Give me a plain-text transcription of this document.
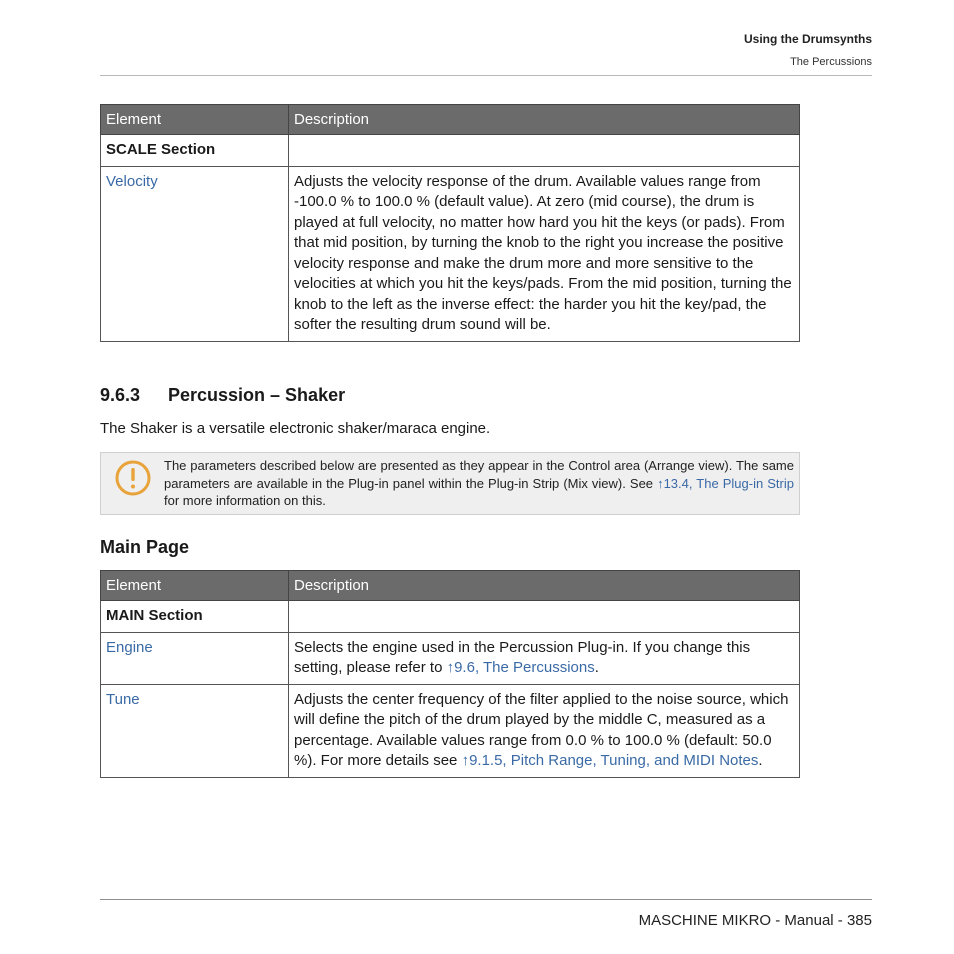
Using the Drumsynths
The Percussions
Element	Description
SCALE Section	
Velocity	Adjusts the velocity response of the drum. Available values range from -100.0 % to 100.0 % (default value). At zero (mid course), the drum is played at full velocity, no matter how hard you hit the keys (or pads). From that mid position, by turning the knob to the right you increase the positive velocity response and make the drum more and more sensitive to the velocities at which you hit the keys/pads. From the mid position, turning the knob to the left as the inverse effect: the harder you hit the key/pad, the softer the resulting drum sound will be.
9.6.3 Percussion – Shaker
The Shaker is a versatile electronic shaker/maraca engine.
The parameters described below are presented as they appear in the Control area (Arrange view). The same parameters are available in the Plug-in panel within the Plug-in Strip (Mix view). See ↑13.4, The Plug-in Strip for more information on this.
Main Page
Element	Description
MAIN Section	
Engine	Selects the engine used in the Percussion Plug-in. If you change this setting, please refer to ↑9.6, The Percussions.
Tune	Adjusts the center frequency of the filter applied to the noise source, which will define the pitch of the drum played by the middle C, measured as a percentage. Available values range from 0.0 % to 100.0 % (default: 50.0 %). For more details see ↑9.1.5, Pitch Range, Tuning, and MIDI Notes.
MASCHINE MIKRO - Manual - 385
